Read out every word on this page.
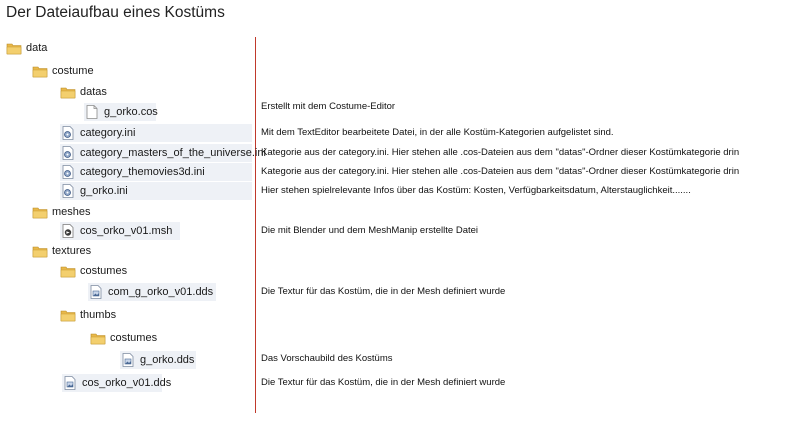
Der Dateiaufbau eines Kostüms
data
costume
datas
g_orko.cos
category.ini
category_masters_of_the_universe.ini
category_themovies3d.ini
g_orko.ini
meshes
cos_orko_v01.msh
textures
costumes
com_g_orko_v01.dds
thumbs
costumes
g_orko.dds
cos_orko_v01.dds
Erstellt mit dem Costume-Editor
Mit dem TextEditor bearbeitete Datei, in der alle Kostüm-Kategorien aufgelistet sind.
Kategorie aus der category.ini. Hier stehen alle .cos-Dateien aus dem "datas"-Ordner dieser Kostümkategorie drin
Kategorie aus der category.ini. Hier stehen alle .cos-Dateien aus dem "datas"-Ordner dieser Kostümkategorie drin
Hier stehen spielrelevante Infos über das Kostüm: Kosten, Verfügbarkeitsdatum, Alterstauglichkeit.......
Die mit Blender und dem MeshManip erstellte Datei
Die Textur für das Kostüm, die in der Mesh definiert wurde
Das Vorschaubild des Kostüms
Die Textur für das Kostüm, die in der Mesh definiert wurde
